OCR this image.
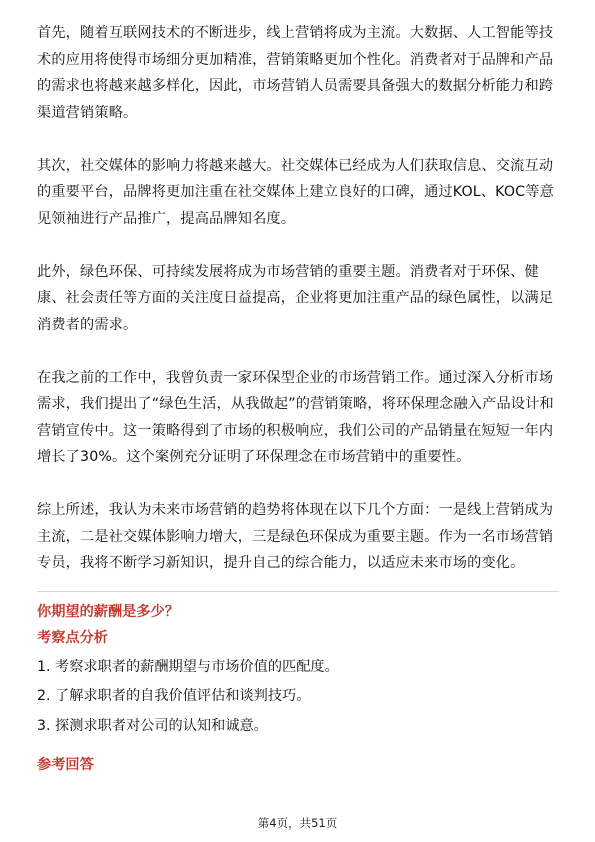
首先，随着互联网技术的不断进步，线上营销将成为主流。大数据、人工智能等技术的应用将使得市场细分更加精准，营销策略更加个性化。消费者对于品牌和产品的需求也将越来越多样化，因此，市场营销人员需要具备强大的数据分析能力和跨渠道营销策略。

其次，社交媒体的影响力将越来越大。社交媒体已经成为人们获取信息、交流互动的重要平台，品牌将更加注重在社交媒体上建立良好的口碑，通过KOL、KOC等意见领袖进行产品推广，提高品牌知名度。

此外，绿色环保、可持续发展将成为市场营销的重要主题。消费者对于环保、健康、社会责任等方面的关注度日益提高，企业将更加注重产品的绿色属性，以满足消费者的需求。

在我之前的工作中，我曾负责一家环保型企业的市场营销工作。通过深入分析市场需求，我们提出了“绿色生活，从我做起”的营销策略，将环保理念融入产品设计和营销宣传中。这一策略得到了市场的积极响应，我们公司的产品销量在短短一年内增长了30%。这个案例充分证明了环保理念在市场营销中的重要性。

综上所述，我认为未来市场营销的趋势将体现在以下几个方面：一是线上营销成为主流，二是社交媒体影响力增大，三是绿色环保成为重要主题。作为一名市场营销专员，我将不断学习新知识，提升自己的综合能力，以适应未来市场的变化。

你期望的薪酬是多少？
考察点分析
1. 考察求职者的薪酬期望与市场价值的匹配度。
2. 了解求职者的自我价值评估和谈判技巧。
3. 探测求职者对公司的认知和诚意。
参考回答
第4页，共51页
